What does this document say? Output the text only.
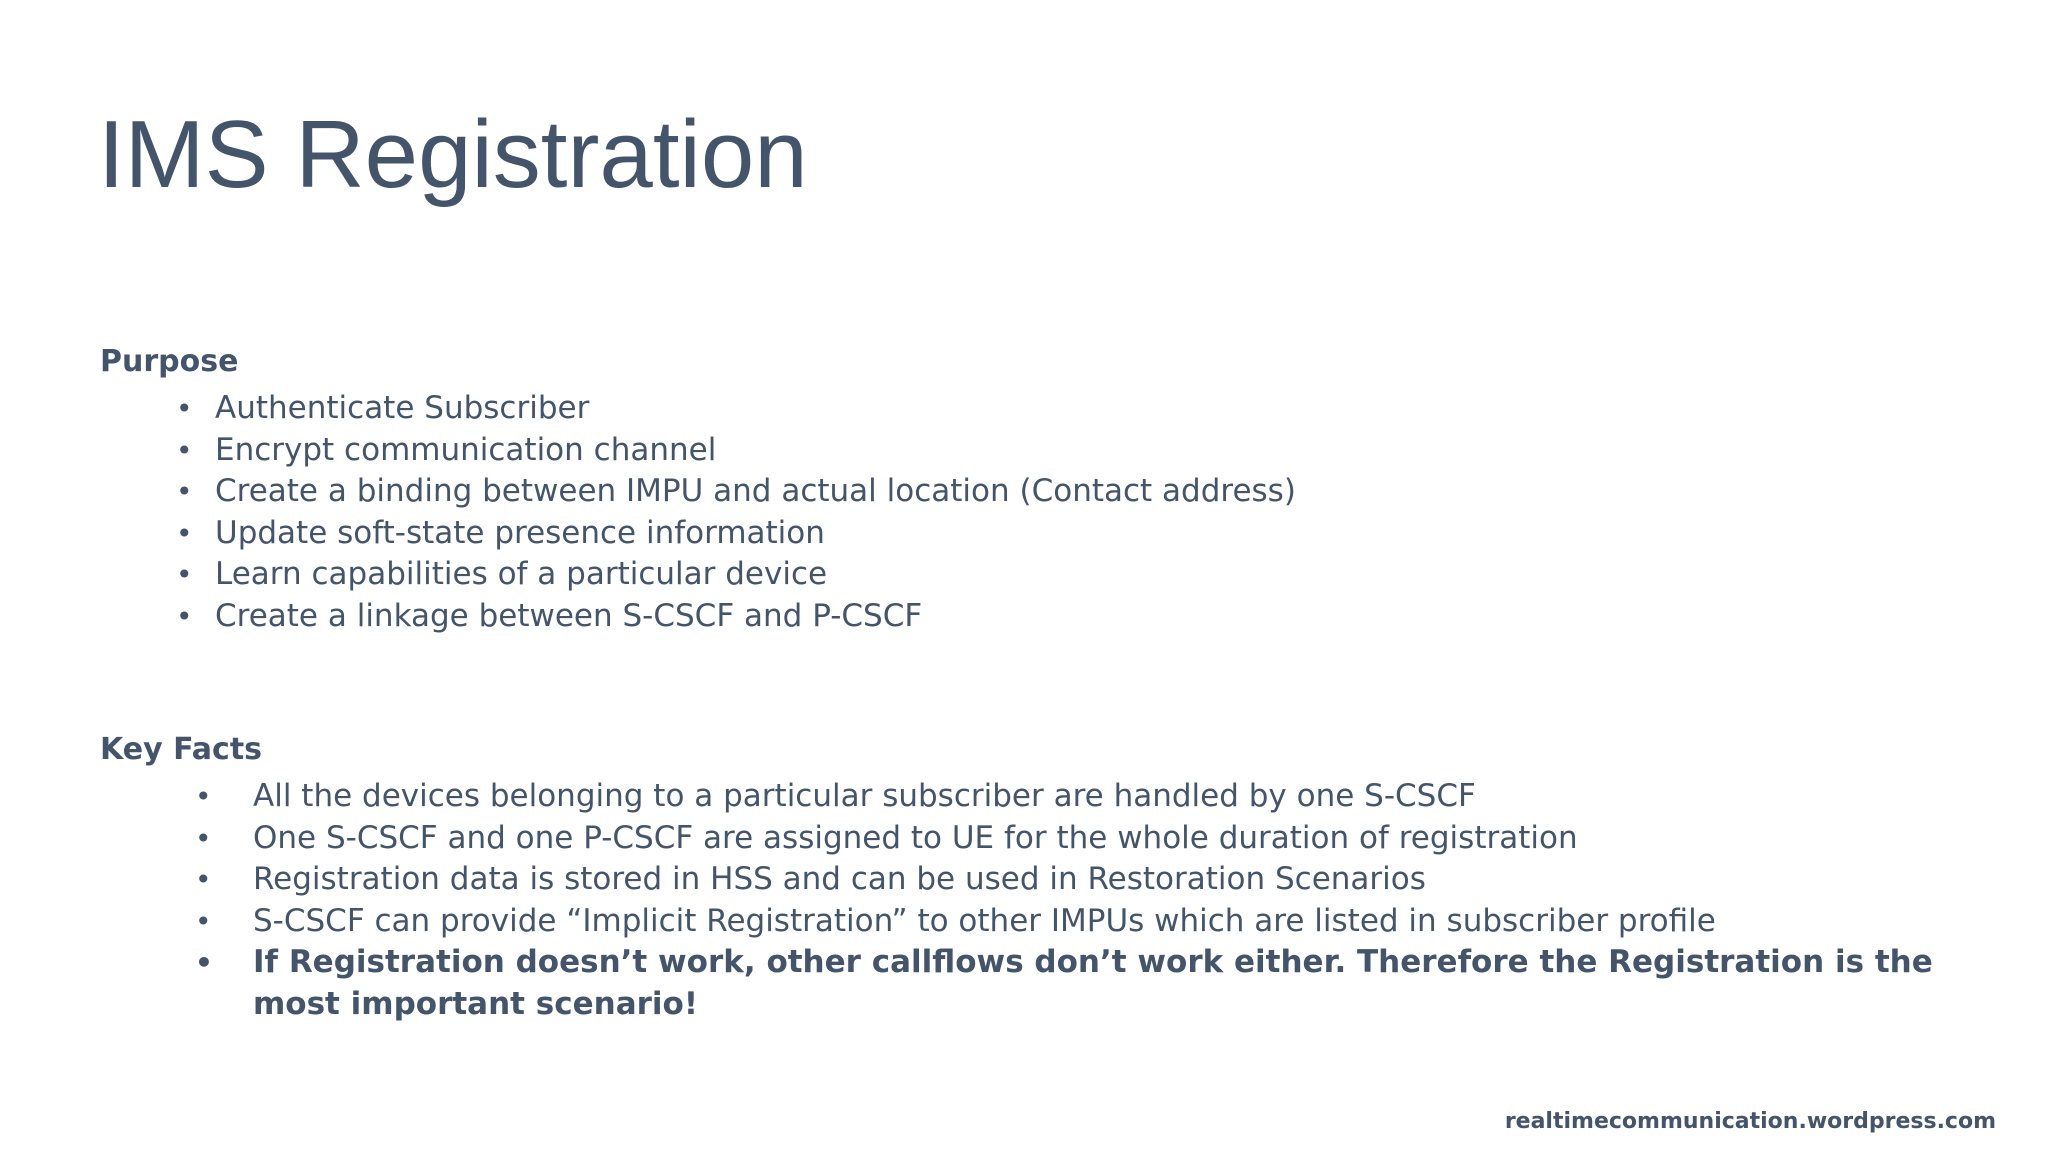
IMS Registration
Purpose
• Authenticate Subscriber
• Encrypt communication channel
• Create a binding between IMPU and actual location (Contact address)
• Update soft-state presence information
• Learn capabilities of a particular device
• Create a linkage between S-CSCF and P-CSCF
Key Facts
• All the devices belonging to a particular subscriber are handled by one S-CSCF
• One S-CSCF and one P-CSCF are assigned to UE for the whole duration of registration
• Registration data is stored in HSS and can be used in Restoration Scenarios
• S-CSCF can provide “Implicit Registration” to other IMPUs which are listed in subscriber profile
• If Registration doesn’t work, other callflows don’t work either. Therefore the Registration is the most important scenario!
realtimecommunication.wordpress.com
